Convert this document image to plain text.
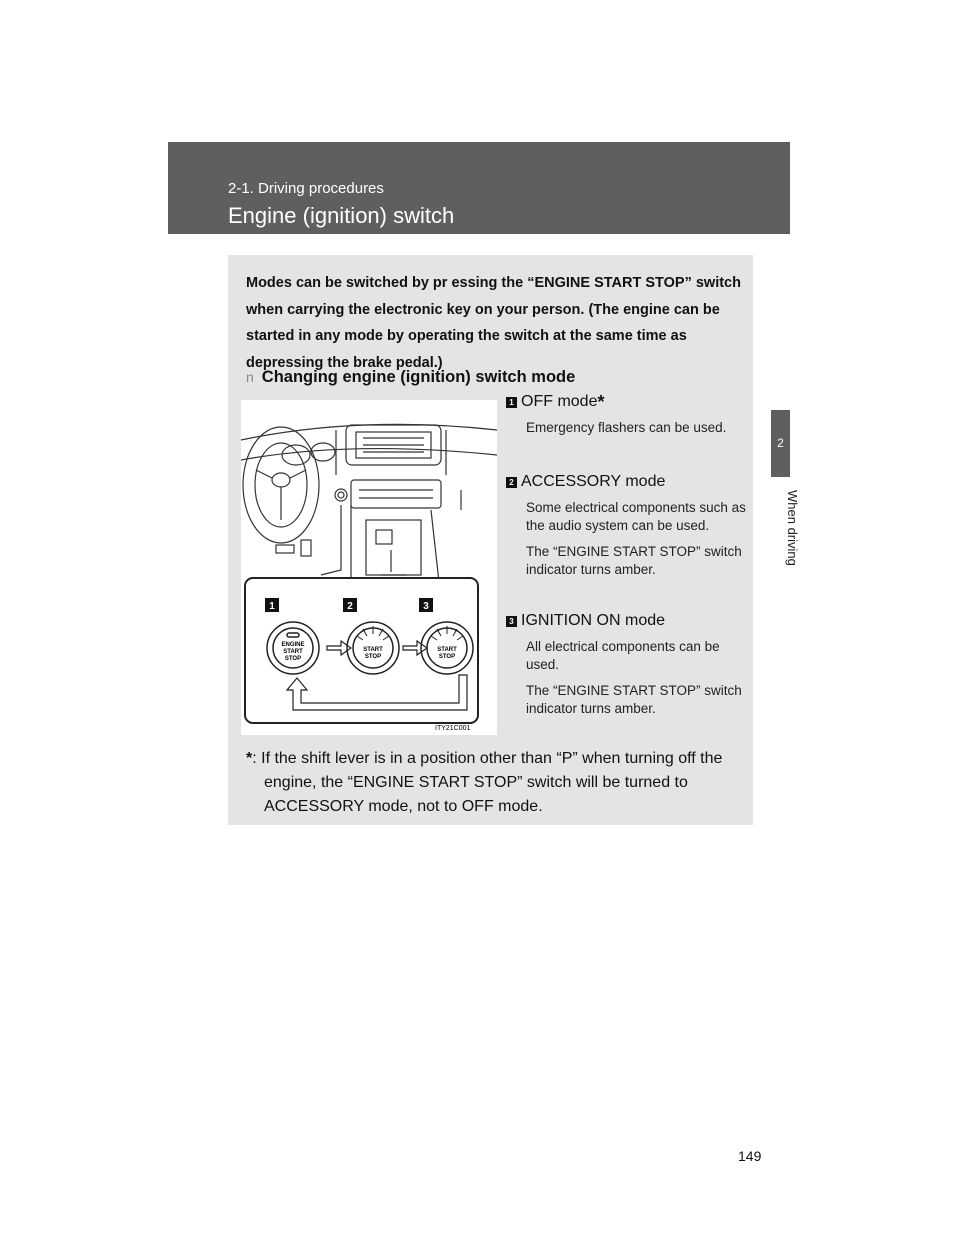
2-1. Driving procedures
Engine (ignition) switch
2
When driving
Modes can be switched by pr essing the “ENGINE START STOP” switch when carrying the electronic key on your person. (The engine can be started in any mode by operating the switch at the same time as depressing the brake pedal.)
n Changing engine (ignition) switch mode
1	2	3
ENGINE
START
STOP
START
STOP
START
STOP
ITY21C001
1 OFF mode *

Emergency flashers can be used.

2 ACCESSORY mode

Some electrical components such as the audio system can be used.

The “ENGINE START STOP” switch indicator turns amber.

3 IGNITION ON mode

All electrical components can be used.

The “ENGINE START STOP” switch indicator turns amber.

*: If the shift lever is in a position other than “P” when turning off the
engine, the “ENGINE START STOP” switch will be turned to ACCESSORY mode, not to OFF mode.
149
